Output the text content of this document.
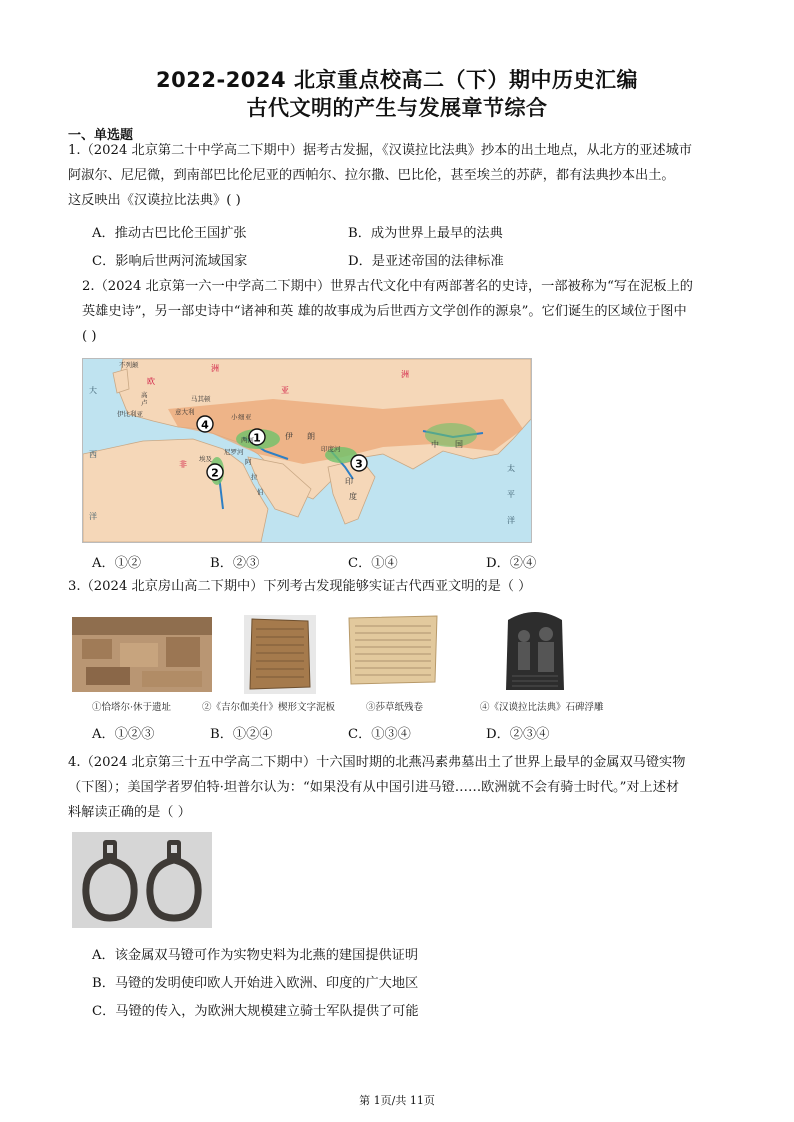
2022-2024 北京重点校高二（下）期中历史汇编
古代文明的产生与发展章节综合
一、单选题
1.（2024 北京第二十中学高二下期中）据考古发掘，《汉谟拉比法典》抄本的出土地点，从北方的亚述城市
阿淑尔、尼尼微，到南部巴比伦尼亚的西帕尔、拉尔撒、巴比伦，甚至埃兰的苏萨，都有法典抄本出土。
这反映出《汉谟拉比法典》( )
A．推动古巴比伦王国扩张	B．成为世界上最早的法典
C．影响后世两河流域国家	D．是亚述帝国的法律标准
2.（2024 北京第一六一中学高二下期中）世界古代文化中有两部著名的史诗，一部被称为“写在泥板上的
英雄史诗”，另一部史诗中“诸神和英 雄的故事成为后世西方文学创作的源泉”。它们诞生的区域位于图中
( )
1
2
3
4
大
不列颠
欧
高
卢
洲
伊比利亚	意大利
马其顿
亚
小 细 亚
尼罗河
伊 朗
阿
拉
伯
埃及
非
西
洋
两河
印度河
印
度
中 国
太
平
洋
洲
A．①②	B．②③	C．①④	D．②④
3.（2024 北京房山高二下期中）下列考古发现能够实证古代西亚文明的是（ ）
①恰塔尔·休于遗址	②《吉尔伽美什》楔形文字泥板	③莎草纸残卷	④《汉谟拉比法典》石碑浮雕
A．①②③	B．①②④	C．①③④	D．②③④
4.（2024 北京第三十五中学高二下期中）十六国时期的北燕冯素弗墓出土了世界上最早的金属双马镫实物
（下图）；美国学者罗伯特·坦普尔认为：“如果没有从中国引进马镫……欧洲就不会有骑士时代。”对上述材
料解读正确的是（ ）
A．该金属双马镫可作为实物史料为北燕的建国提供证明
B．马镫的发明使印欧人开始进入欧洲、印度的广大地区
C．马镫的传入，为欧洲大规模建立骑士军队提供了可能
第 1页/共 11页
